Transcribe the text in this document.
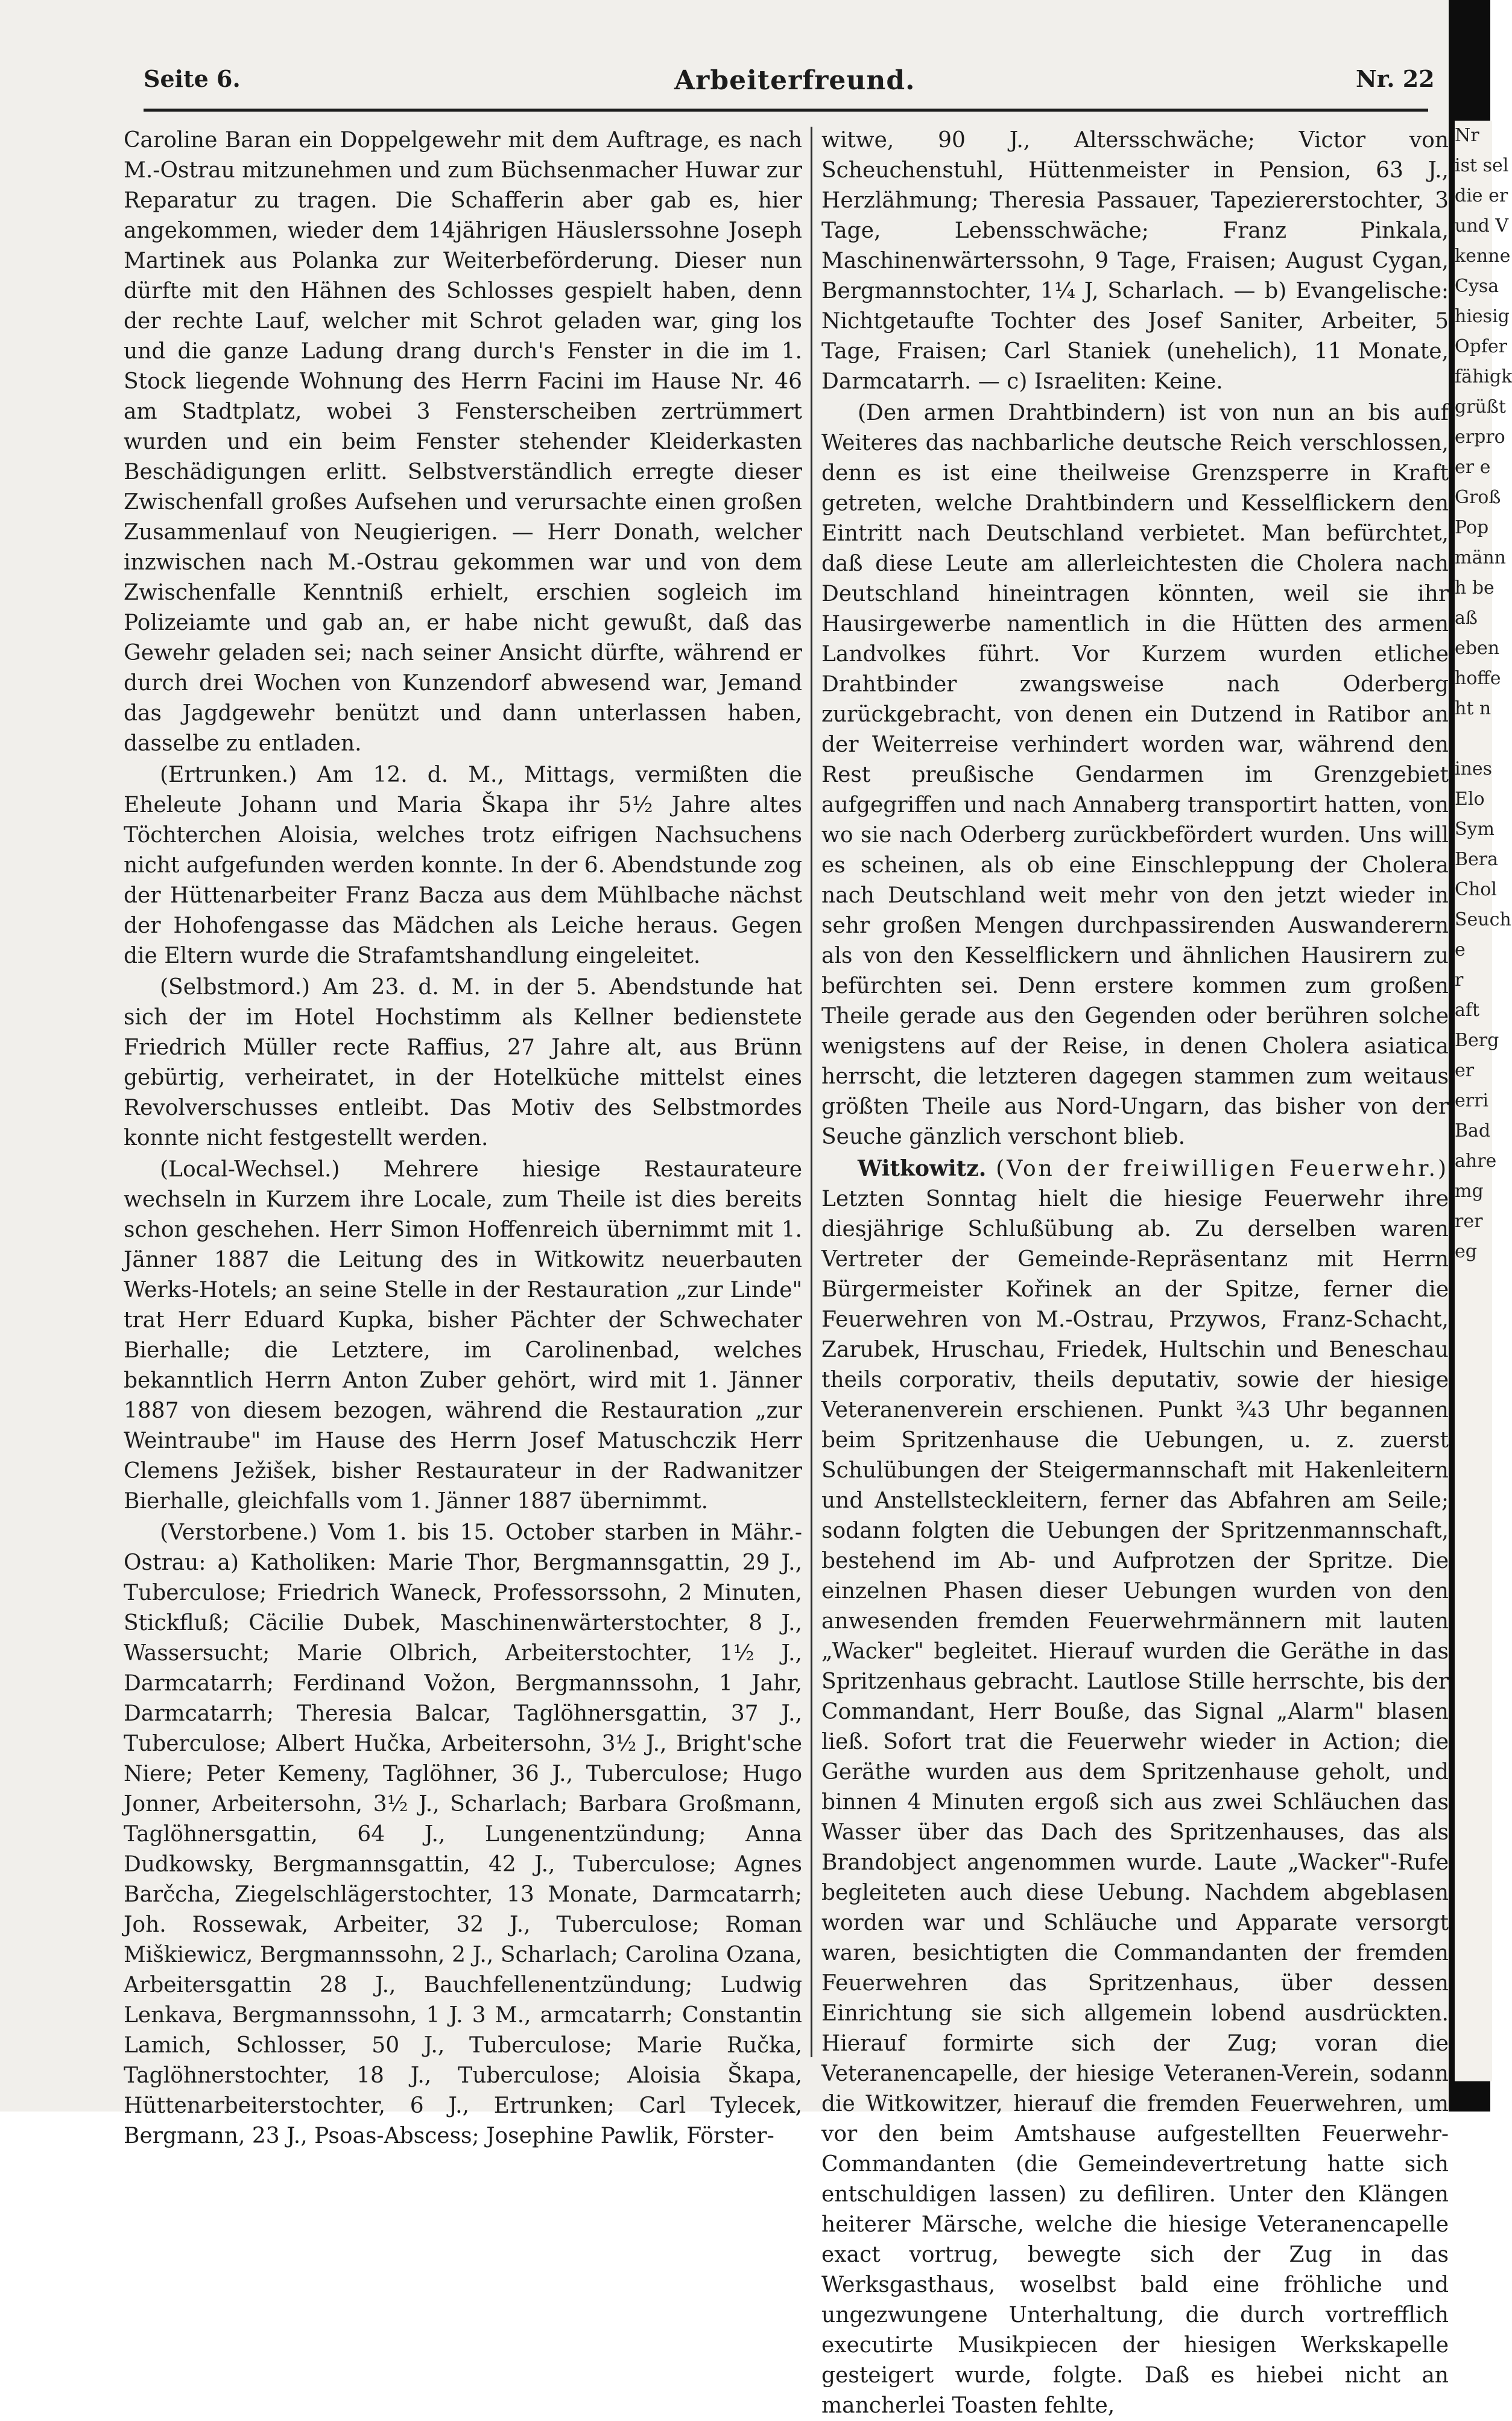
Seite 6.	Arbeiterfreund.	Nr. 22

Caroline Baran ein Doppelgewehr mit dem Auftrage, es nach M.-Ostrau mitzunehmen und zum Büchsenmacher Huwar zur Reparatur zu tragen. Die Schafferin aber gab es, hier angekommen, wieder dem 14jährigen Häuslerssohne Joseph Martinek aus Polanka zur Weiterbeförderung. Dieser nun dürfte mit den Hähnen des Schlosses gespielt haben, denn der rechte Lauf, welcher mit Schrot geladen war, ging los und die ganze Ladung drang durch's Fenster in die im 1. Stock liegende Wohnung des Herrn Facini im Hause Nr. 46 am Stadtplatz, wobei 3 Fensterscheiben zertrümmert wurden und ein beim Fenster stehender Kleiderkasten Beschädigungen erlitt. Selbstverständlich erregte dieser Zwischenfall großes Aufsehen und verursachte einen großen Zusammenlauf von Neugierigen. — Herr Donath, welcher inzwischen nach M.-Ostrau gekommen war und von dem Zwischenfalle Kenntniß erhielt, erschien sogleich im Polizeiamte und gab an, er habe nicht gewußt, daß das Gewehr geladen sei; nach seiner Ansicht dürfte, während er durch drei Wochen von Kunzendorf abwesend war, Jemand das Jagdgewehr benützt und dann unterlassen haben, dasselbe zu entladen.

(Ertrunken.) Am 12. d. M., Mittags, vermißten die Eheleute Johann und Maria Škapa ihr 5½ Jahre altes Töchterchen Aloisia, welches trotz eifrigen Nachsuchens nicht aufgefunden werden konnte. In der 6. Abendstunde zog der Hüttenarbeiter Franz Bacza aus dem Mühlbache nächst der Hohofengasse das Mädchen als Leiche heraus. Gegen die Eltern wurde die Strafamtshandlung eingeleitet.

(Selbstmord.) Am 23. d. M. in der 5. Abendstunde hat sich der im Hotel Hochstimm als Kellner bedienstete Friedrich Müller recte Raffius, 27 Jahre alt, aus Brünn gebürtig, verheiratet, in der Hotelküche mittelst eines Revolverschusses entleibt. Das Motiv des Selbstmordes konnte nicht festgestellt werden.

(Local-Wechsel.) Mehrere hiesige Restaurateure wechseln in Kurzem ihre Locale, zum Theile ist dies bereits schon geschehen. Herr Simon Hoffenreich übernimmt mit 1. Jänner 1887 die Leitung des in Witkowitz neuerbauten Werks-Hotels; an seine Stelle in der Restauration „zur Linde" trat Herr Eduard Kupka, bisher Pächter der Schwechater Bierhalle; die Letztere, im Carolinenbad, welches bekanntlich Herrn Anton Zuber gehört, wird mit 1. Jänner 1887 von diesem bezogen, während die Restauration „zur Weintraube" im Hause des Herrn Josef Matuschczik Herr Clemens Ježišek, bisher Restaurateur in der Radwanitzer Bierhalle, gleichfalls vom 1. Jänner 1887 übernimmt.

(Verstorbene.) Vom 1. bis 15. October starben in Mähr.-Ostrau: a) Katholiken: Marie Thor, Bergmannsgattin, 29 J., Tuberculose; Friedrich Waneck, Professorssohn, 2 Minuten, Stickfluß; Cäcilie Dubek, Maschinenwärterstochter, 8 J., Wassersucht; Marie Olbrich, Arbeiterstochter, 1½ J., Darmcatarrh; Ferdinand Vožon, Bergmannssohn, 1 Jahr, Darmcatarrh; Theresia Balcar, Taglöhnersgattin, 37 J., Tuberculose; Albert Hučka, Arbeitersohn, 3½ J., Bright'sche Niere; Peter Kemeny, Taglöhner, 36 J., Tuberculose; Hugo Jonner, Arbeitersohn, 3½ J., Scharlach; Barbara Großmann, Taglöhnersgattin, 64 J., Lungenentzündung; Anna Dudkowsky, Bergmannsgattin, 42 J., Tuberculose; Agnes Barčcha, Ziegelschlägerstochter, 13 Monate, Darmcatarrh; Joh. Rossewak, Arbeiter, 32 J., Tuberculose; Roman Miškiewicz, Bergmannssohn, 2 J., Scharlach; Carolina Ozana, Arbeitersgattin 28 J., Bauchfellenentzündung; Ludwig Lenkava, Bergmannssohn, 1 J. 3 M., armcatarrh; Constantin Lamich, Schlosser, 50 J., Tuberculose; Marie Ručka, Taglöhnerstochter, 18 J., Tuberculose; Aloisia Škapa, Hüttenarbeiterstochter, 6 J., Ertrunken; Carl Tylecek, Bergmann, 23 J., Psoas-Abscess; Josephine Pawlik, Förster-

witwe, 90 J., Altersschwäche; Victor von Scheuchenstuhl, Hüttenmeister in Pension, 63 J., Herzlähmung; Theresia Passauer, Tapeziererstochter, 3 Tage, Lebensschwäche; Franz Pinkala, Maschinenwärterssohn, 9 Tage, Fraisen; August Cygan, Bergmannstochter, 1¼ J, Scharlach. — b) Evangelische: Nichtgetaufte Tochter des Josef Saniter, Arbeiter, 5 Tage, Fraisen; Carl Staniek (unehelich), 11 Monate, Darmcatarrh. — c) Israeliten: Keine.

(Den armen Drahtbindern) ist von nun an bis auf Weiteres das nachbarliche deutsche Reich verschlossen, denn es ist eine theilweise Grenzsperre in Kraft getreten, welche Drahtbindern und Kesselflickern den Eintritt nach Deutschland verbietet. Man befürchtet, daß diese Leute am allerleichtesten die Cholera nach Deutschland hineintragen könnten, weil sie ihr Hausirgewerbe namentlich in die Hütten des armen Landvolkes führt. Vor Kurzem wurden etliche Drahtbinder zwangsweise nach Oderberg zurückgebracht, von denen ein Dutzend in Ratibor an der Weiterreise verhindert worden war, während den Rest preußische Gendarmen im Grenzgebiet aufgegriffen und nach Annaberg transportirt hatten, von wo sie nach Oderberg zurückbefördert wurden. Uns will es scheinen, als ob eine Einschleppung der Cholera nach Deutschland weit mehr von den jetzt wieder in sehr großen Mengen durchpassirenden Auswanderern als von den Kesselflickern und ähnlichen Hausirern zu befürchten sei. Denn erstere kommen zum großen Theile gerade aus den Gegenden oder berühren solche wenigstens auf der Reise, in denen Cholera asiatica herrscht, die letzteren dagegen stammen zum weitaus größten Theile aus Nord-Ungarn, das bisher von der Seuche gänzlich verschont blieb.

Witkowitz. (Von der freiwilligen Feuerwehr.) Letzten Sonntag hielt die hiesige Feuerwehr ihre diesjährige Schlußübung ab. Zu derselben waren Vertreter der Gemeinde-Repräsentanz mit Herrn Bürgermeister Kořinek an der Spitze, ferner die Feuerwehren von M.-Ostrau, Przywos, Franz-Schacht, Zarubek, Hruschau, Friedek, Hultschin und Beneschau theils corporativ, theils deputativ, sowie der hiesige Veteranenverein erschienen. Punkt ¾3 Uhr begannen beim Spritzenhause die Uebungen, u. z. zuerst Schulübungen der Steigermannschaft mit Hakenleitern und Anstellsteckleitern, ferner das Abfahren am Seile; sodann folgten die Uebungen der Spritzenmannschaft, bestehend im Ab- und Aufprotzen der Spritze. Die einzelnen Phasen dieser Uebungen wurden von den anwesenden fremden Feuerwehrmännern mit lauten „Wacker" begleitet. Hierauf wurden die Geräthe in das Spritzenhaus gebracht. Lautlose Stille herrschte, bis der Commandant, Herr Bouße, das Signal „Alarm" blasen ließ. Sofort trat die Feuerwehr wieder in Action; die Geräthe wurden aus dem Spritzenhause geholt, und binnen 4 Minuten ergoß sich aus zwei Schläuchen das Wasser über das Dach des Spritzenhauses, das als Brandobject angenommen wurde. Laute „Wacker"-Rufe begleiteten auch diese Uebung. Nachdem abgeblasen worden war und Schläuche und Apparate versorgt waren, besichtigten die Commandanten der fremden Feuerwehren das Spritzenhaus, über dessen Einrichtung sie sich allgemein lobend ausdrückten. Hierauf formirte sich der Zug; voran die Veteranencapelle, der hiesige Veteranen-Verein, sodann die Witkowitzer, hierauf die fremden Feuerwehren, um vor den beim Amtshause aufgestellten Feuerwehr-Commandanten (die Gemeindevertretung hatte sich entschuldigen lassen) zu defiliren. Unter den Klängen heiterer Märsche, welche die hiesige Veteranencapelle exact vortrug, bewegte sich der Zug in das Werksgasthaus, woselbst bald eine fröhliche und ungezwungene Unterhaltung, die durch vortrefflich executirte Musikpiecen der hiesigen Werkskapelle gesteigert wurde, folgte. Daß es hiebei nicht an mancherlei Toasten fehlte,

Nr
ist sel
die er
und V
kenne
Cysa
hiesig
Opfer
fähigk
grüßt
erpro
er e
Groß
Pop
männ
h be
aß
eben
hoffe
ht n

ines
Elo
Sym
Bera
Chol
Seuch
e
r
aft
Berg
er
erri
Bad
ahre
mg
rer
eg
